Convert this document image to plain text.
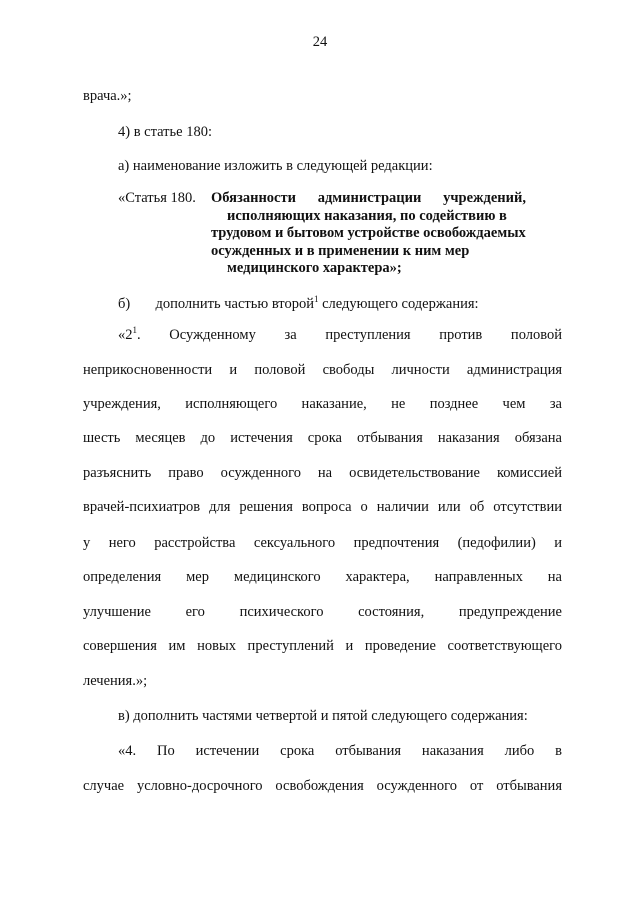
24
врача.»;
4) в статье 180:
а) наименование изложить в следующей редакции:
«Статья 180. Обязанности администрации учреждений,
исполняющих наказания, по содействию в
трудовом и бытовом устройстве освобождаемых
осужденных и в применении к ним мер
медицинского характера»;
б) дополнить частью второй$^1$ следующего содержания:
«$2^1$. Осужденному за преступления против половой
неприкосновенности и половой свободы личности администрация
учреждения, исполняющего наказание, не позднее чем за
шесть месяцев до истечения срока отбывания наказания обязана
разъяснить право осужденного на освидетельствование комиссией
врачей-психиатров для решения вопроса о наличии или об отсутствии
у него расстройства сексуального предпочтения (педофилии) и
определения мер медицинского характера, направленных на
улучшение его психического состояния, предупреждение
совершения им новых преступлений и проведение соответствующего
лечения.»;
в) дополнить частями четвертой и пятой следующего содержания:
«4. По истечении срока отбывания наказания либо в
случае условно-досрочного освобождения осужденного от отбывания
